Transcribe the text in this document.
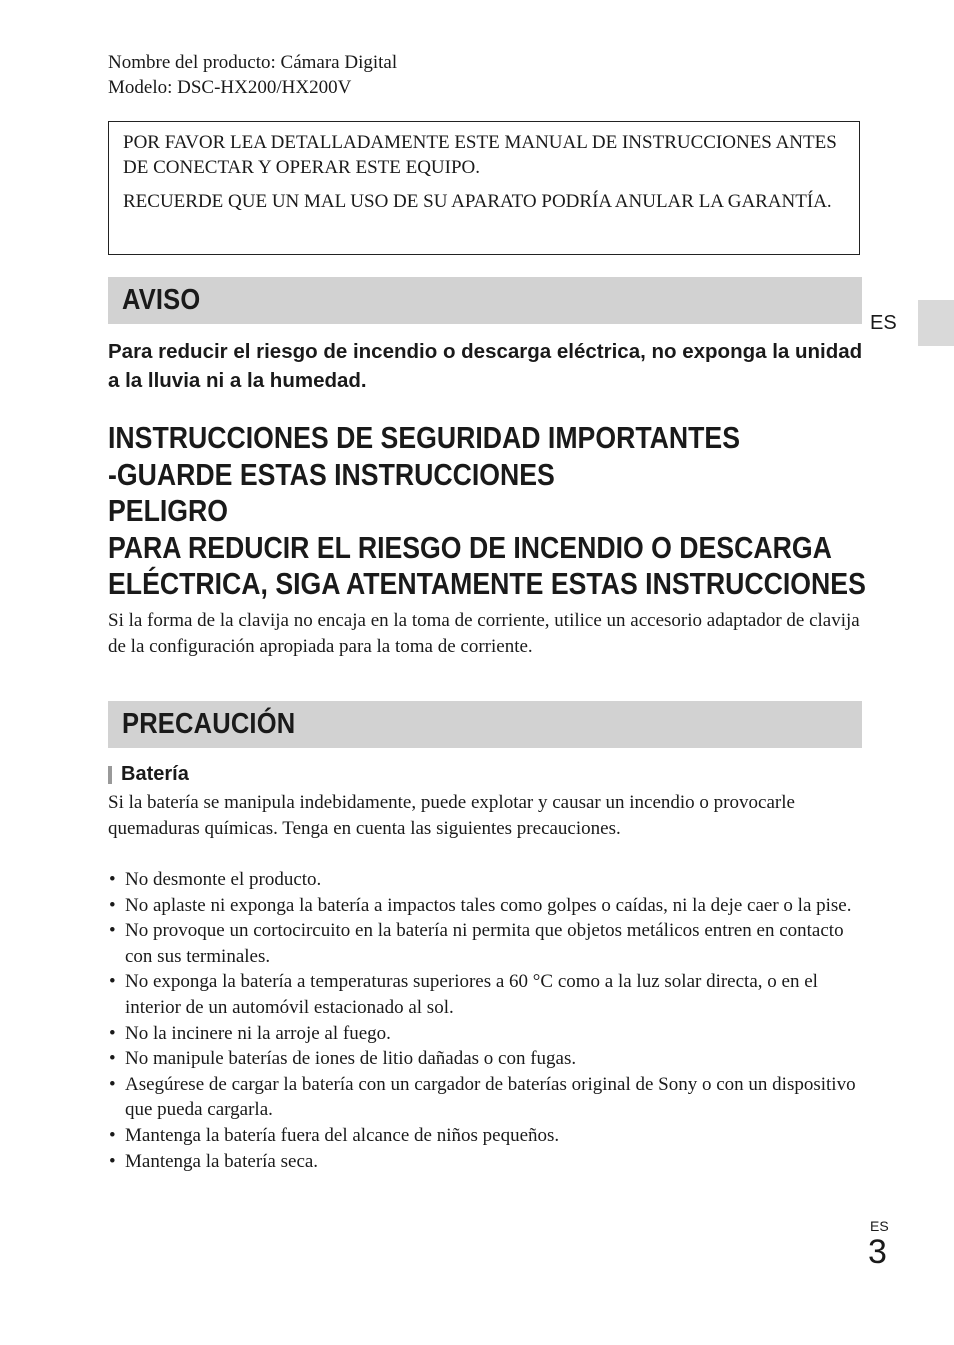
Nombre del producto: Cámara Digital
Modelo: DSC-HX200/HX200V

POR FAVOR LEA DETALLADAMENTE ESTE MANUAL DE INSTRUCCIONES ANTES DE CONECTAR Y OPERAR ESTE EQUIPO.

RECUERDE QUE UN MAL USO DE SU APARATO PODRÍA ANULAR LA GARANTÍA.

ES
AVISO
Para reducir el riesgo de incendio o descarga eléctrica, no exponga la unidad a la lluvia ni a la humedad.
INSTRUCCIONES DE SEGURIDAD IMPORTANTES
-GUARDE ESTAS INSTRUCCIONES
PELIGRO
PARA REDUCIR EL RIESGO DE INCENDIO O DESCARGA
ELÉCTRICA, SIGA ATENTAMENTE ESTAS INSTRUCCIONES
Si la forma de la clavija no encaja en la toma de corriente, utilice un accesorio adaptador de clavija de la configuración apropiada para la toma de corriente.
PRECAUCIÓN
Batería
Si la batería se manipula indebidamente, puede explotar y causar un incendio o provocarle quemaduras químicas. Tenga en cuenta las siguientes precauciones.
• No desmonte el producto.
• No aplaste ni exponga la batería a impactos tales como golpes o caídas, ni la deje caer o la pise.
• No provoque un cortocircuito en la batería ni permita que objetos metálicos entren en contacto con sus terminales.
• No exponga la batería a temperaturas superiores a 60 °C como a la luz solar directa, o en el interior de un automóvil estacionado al sol.
• No la incinere ni la arroje al fuego.
• No manipule baterías de iones de litio dañadas o con fugas.
• Asegúrese de cargar la batería con un cargador de baterías original de Sony o con un dispositivo que pueda cargarla.
• Mantenga la batería fuera del alcance de niños pequeños.
• Mantenga la batería seca.
ES
3
